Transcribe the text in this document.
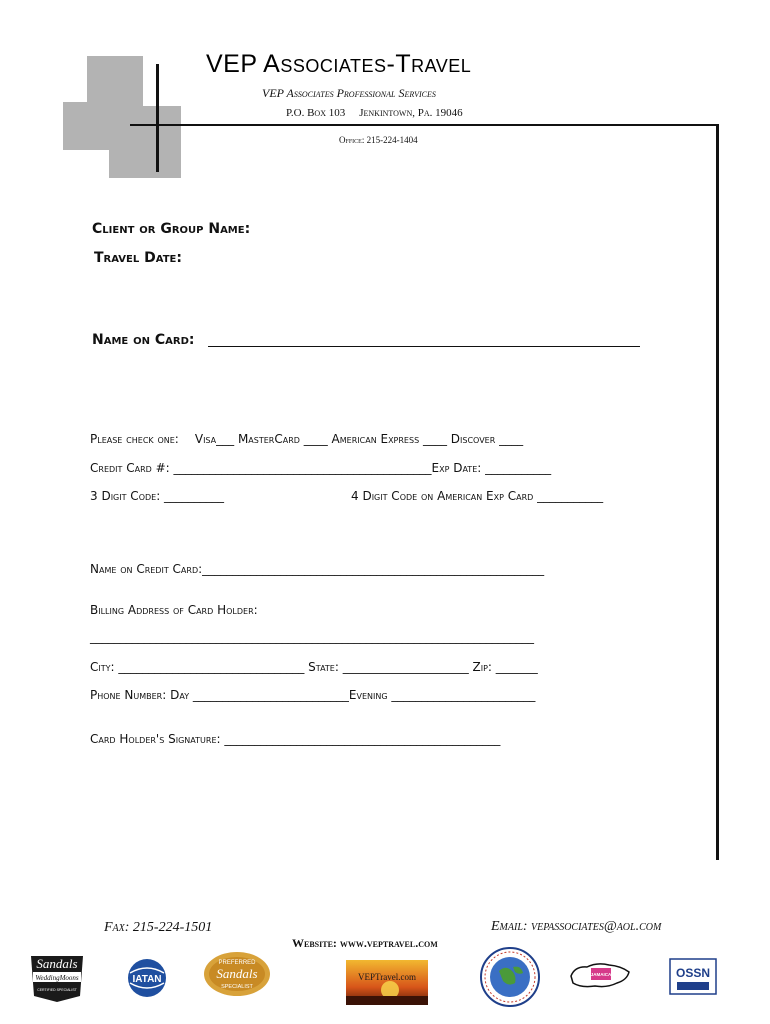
VEP Associates-Travel
VEP Associates Professional Services
P.O. Box 103 Jenkintown, Pa. 19046
Office: 215-224-1404
Client or Group Name:
Travel Date:
Name on Card:
Please check one: Visa___ MasterCard ____ American Express ____ Discover ____
Credit Card #: ___________________________________________Exp Date: ___________
3 Digit Code: __________	4 Digit Code on American Exp Card ___________
Name on Credit Card:_________________________________________________________
Billing Address of Card Holder:
__________________________________________________________________________
City: _______________________________ State: _____________________ Zip: _______
Phone Number: Day __________________________Evening ________________________
Card Holder's Signature: ______________________________________________
Fax: 215-224-1501	Email: vepassociates@aol.com
Website: www.veptravel.com
Sandals
WeddingMoons
CERTIFIED SPECIALIST
IATAN
PREFERRED
Sandals
SPECIALIST
VEPTravel.com	JAMAICA	OSSN
